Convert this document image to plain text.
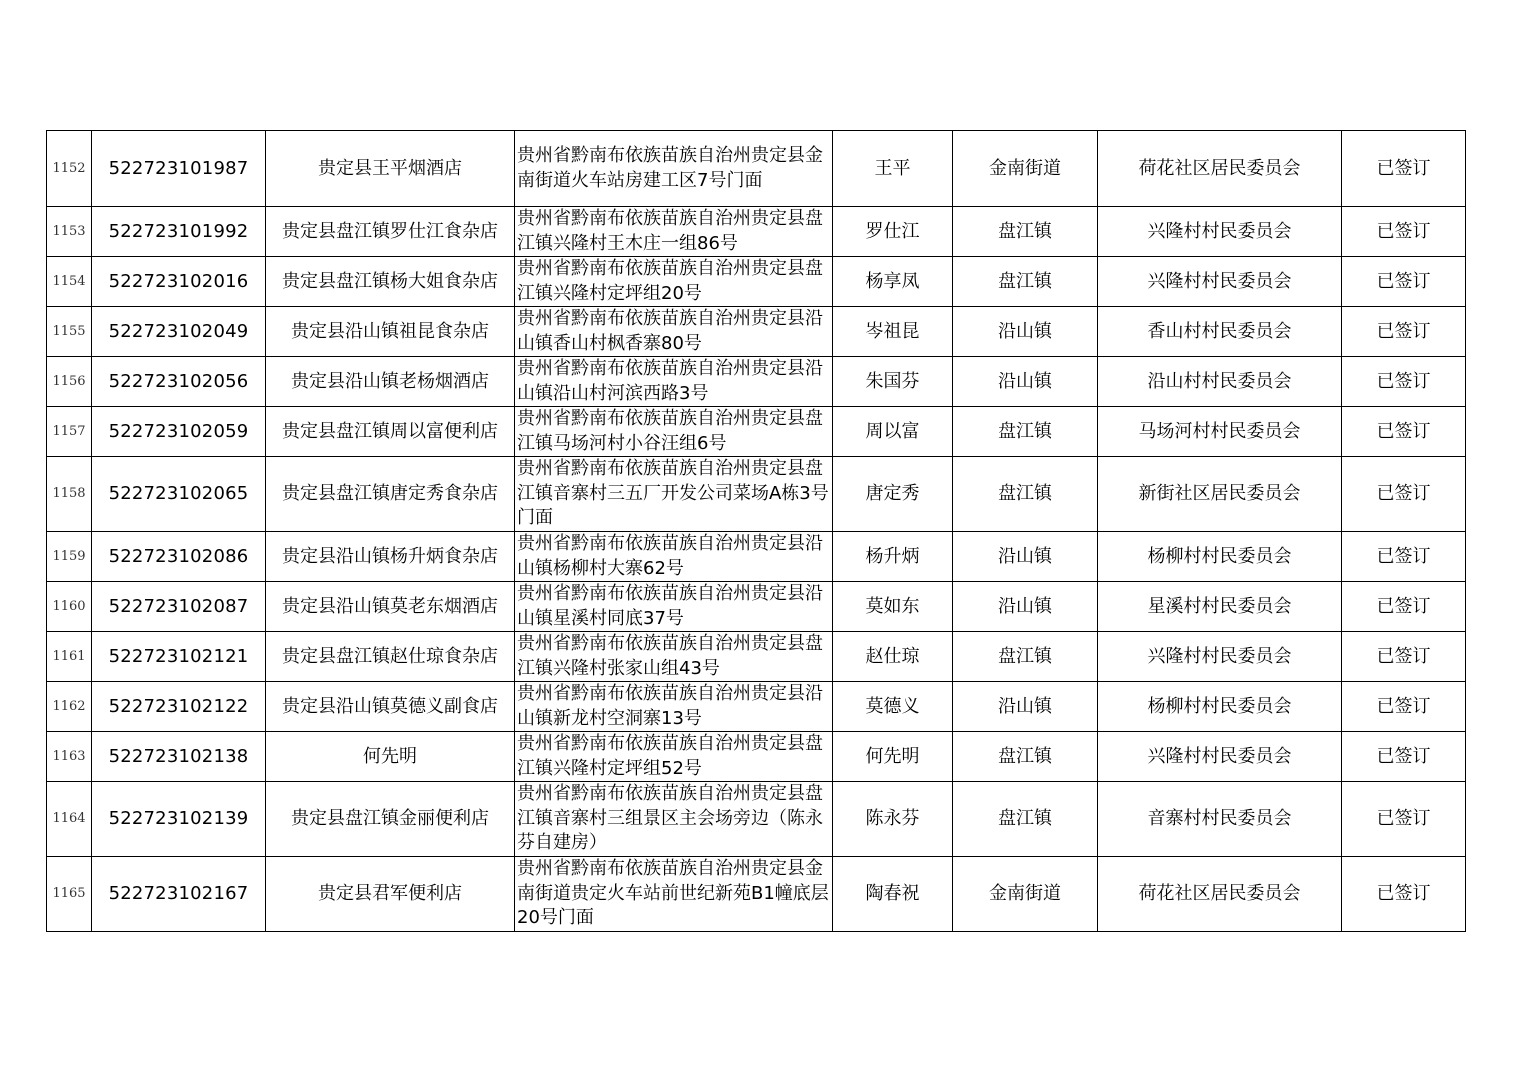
1152	522723101987	贵定县王平烟酒店	贵州省黔南布依族苗族自治州贵定县金南街道火车站房建工区7号门面	王平	金南街道	荷花社区居民委员会	已签订
1153	522723101992	贵定县盘江镇罗仕江食杂店	贵州省黔南布依族苗族自治州贵定县盘江镇兴隆村王木庄一组86号	罗仕江	盘江镇	兴隆村村民委员会	已签订
1154	522723102016	贵定县盘江镇杨大姐食杂店	贵州省黔南布依族苗族自治州贵定县盘江镇兴隆村定坪组20号	杨享凤	盘江镇	兴隆村村民委员会	已签订
1155	522723102049	贵定县沿山镇祖昆食杂店	贵州省黔南布依族苗族自治州贵定县沿山镇香山村枫香寨80号	岑祖昆	沿山镇	香山村村民委员会	已签订
1156	522723102056	贵定县沿山镇老杨烟酒店	贵州省黔南布依族苗族自治州贵定县沿山镇沿山村河滨西路3号	朱国芬	沿山镇	沿山村村民委员会	已签订
1157	522723102059	贵定县盘江镇周以富便利店	贵州省黔南布依族苗族自治州贵定县盘江镇马场河村小谷汪组6号	周以富	盘江镇	马场河村村民委员会	已签订
1158	522723102065	贵定县盘江镇唐定秀食杂店	贵州省黔南布依族苗族自治州贵定县盘江镇音寨村三五厂开发公司菜场A栋3号门面	唐定秀	盘江镇	新街社区居民委员会	已签订
1159	522723102086	贵定县沿山镇杨升炳食杂店	贵州省黔南布依族苗族自治州贵定县沿山镇杨柳村大寨62号	杨升炳	沿山镇	杨柳村村民委员会	已签订
1160	522723102087	贵定县沿山镇莫老东烟酒店	贵州省黔南布依族苗族自治州贵定县沿山镇星溪村同底37号	莫如东	沿山镇	星溪村村民委员会	已签订
1161	522723102121	贵定县盘江镇赵仕琼食杂店	贵州省黔南布依族苗族自治州贵定县盘江镇兴隆村张家山组43号	赵仕琼	盘江镇	兴隆村村民委员会	已签订
1162	522723102122	贵定县沿山镇莫德义副食店	贵州省黔南布依族苗族自治州贵定县沿山镇新龙村空洞寨13号	莫德义	沿山镇	杨柳村村民委员会	已签订
1163	522723102138	何先明	贵州省黔南布依族苗族自治州贵定县盘江镇兴隆村定坪组52号	何先明	盘江镇	兴隆村村民委员会	已签订
1164	522723102139	贵定县盘江镇金丽便利店	贵州省黔南布依族苗族自治州贵定县盘江镇音寨村三组景区主会场旁边（陈永芬自建房）	陈永芬	盘江镇	音寨村村民委员会	已签订
1165	522723102167	贵定县君军便利店	贵州省黔南布依族苗族自治州贵定县金南街道贵定火车站前世纪新苑B1幢底层20号门面	陶春祝	金南街道	荷花社区居民委员会	已签订
